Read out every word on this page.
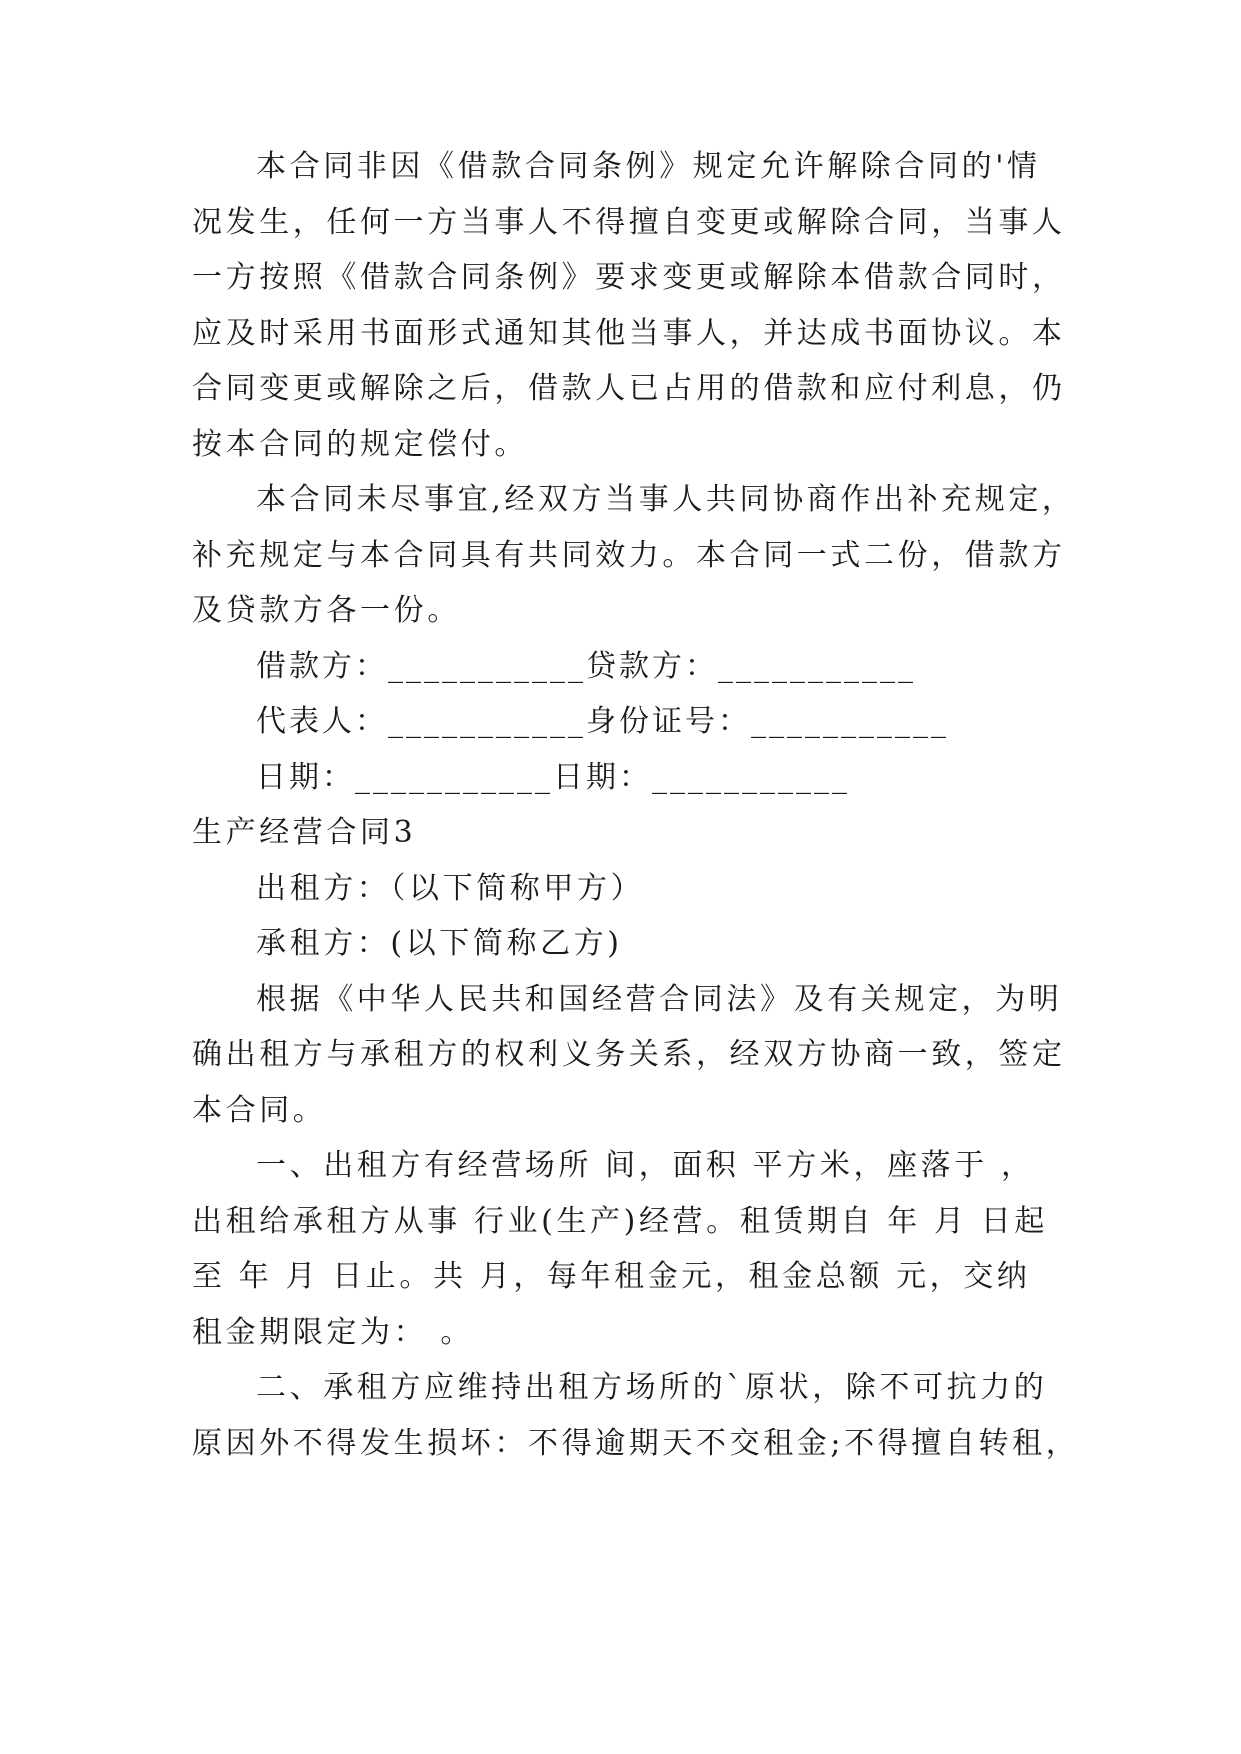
本合同非因《借款合同条例》规定允许解除合同的'情
况发生，任何一方当事人不得擅自变更或解除合同，当事人
一方按照《借款合同条例》要求变更或解除本借款合同时，
应及时采用书面形式通知其他当事人，并达成书面协议。本
合同变更或解除之后，借款人已占用的借款和应付利息，仍
按本合同的规定偿付。
本合同未尽事宜,经双方当事人共同协商作出补充规定，
补充规定与本合同具有共同效力。本合同一式二份，借款方
及贷款方各一份。
借款方：___________贷款方：___________
代表人：___________身份证号：___________
日期：___________日期：___________
生产经营合同3
出租方：（以下简称甲方）
承租方：(以下简称乙方)
根据《中华人民共和国经营合同法》及有关规定，为明
确出租方与承租方的权利义务关系，经双方协商一致，签定
本合同。
一、出租方有经营场所 间，面积 平方米，座落于 ，
出租给承租方从事 行业(生产)经营。租赁期自 年 月 日起
至 年 月 日止。共 月，每年租金元，租金总额 元，交纳
租金期限定为： 。
二、承租方应维持出租方场所的`原状，除不可抗力的
原因外不得发生损坏：不得逾期天不交租金;不得擅自转租，
